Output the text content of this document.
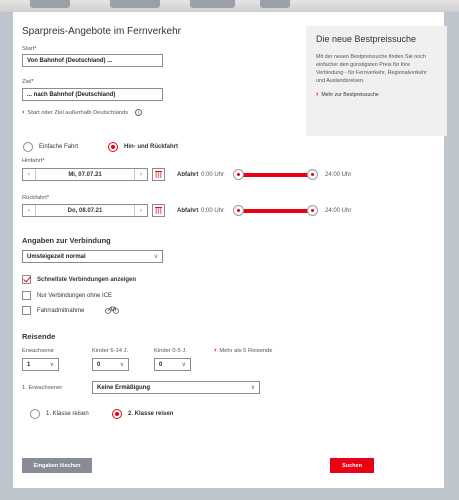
Sparpreis-Angebote im Fernverkehr
Start*
Von Bahnhof (Deutschland) ...
Ziel*
... nach Bahnhof (Deutschland)
› Start oder Ziel außerhalb Deutschlands	i
Die neue Bestpreissuche
Mit der neuen Bestpreissuche finden Sie noch einfacher den günstigsten Preis für Ihre Verbindung - für Fernverkehr, Regionalverkehr und Auslandsreisen.
› Mehr zur Bestpreissuche
Einfache Fahrt	Hin- und Rückfahrt
Hinfahrt*
‹	Mi, 07.07.21	›	Abfahrt 0:00 Uhr	24:00 Uhr
Rückfahrt*
‹	Do, 08.07.21	›	Abfahrt 0:00 Uhr	24:00 Uhr
Angaben zur Verbindung
Umsteigezeit normal	∨
Schnellste Verbindungen anzeigen
Nur Verbindungen ohne ICE
Fahrradmitnahme
Reisende
Erwachsene
1	∨
Kinder 6-14 J.
0	∨
Kinder 0-5 J.
0	∨
› Mehr als 5 Reisende
1. Erwachsener	Keine Ermäßigung	∨
1. Klasse reisen	2. Klasse reisen
Eingaben löschen	Suchen
